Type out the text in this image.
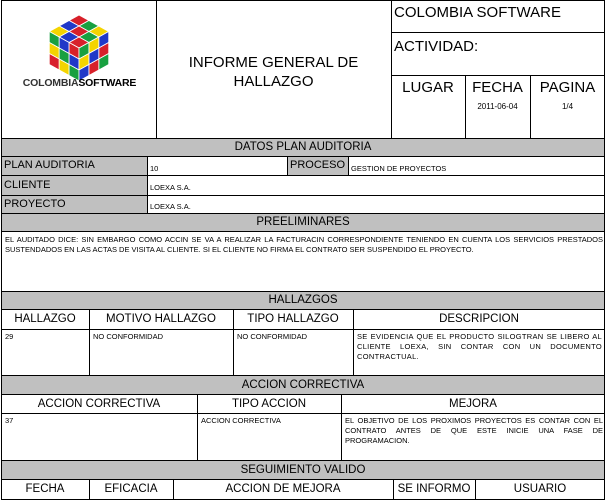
COLOMBIASOFTWARE
INFORME GENERAL DE
HALLAZGO
COLOMBIA SOFTWARE
ACTIVIDAD:
LUGAR	FECHA
2011-06-04
PAGINA
1/4
DATOS PLAN AUDITORIA
PLAN AUDITORIA	10	PROCESO GESTION DE PROYECTOS
CLIENTE	LOEXA S.A.
PROYECTO	LOEXA S.A.
PREELIMINARES
EL AUDITADO DICE: SIN EMBARGO COMO ACCIN SE VA A REALIZAR LA FACTURACIN CORRESPONDIENTE TENIENDO EN CUENTA LOS SERVICIOS PRESTADOS SUSTENDADOS EN LAS ACTAS DE VISITA AL CLIENTE. SI EL CLIENTE NO FIRMA EL CONTRATO SER SUSPENDIDO EL PROYECTO.
HALLAZGOS
HALLAZGO	MOTIVO HALLAZGO	TIPO HALLAZGO	DESCRIPCION
29	NO CONFORMIDAD	NO CONFORMIDAD	SE EVIDENCIA QUE EL PRODUCTO SILOGTRAN SE LIBERO AL CLIENTE LOEXA, SIN CONTAR CON UN DOCUMENTO CONTRACTUAL.
ACCION CORRECTIVA
ACCION CORRECTIVA	TIPO ACCION	MEJORA
37	ACCION CORRECTIVA	EL OBJETIVO DE LOS PROXIMOS PROYECTOS ES CONTAR CON EL CONTRATO ANTES DE QUE ESTE INICIE UNA FASE DE PROGRAMACION.
SEGUIMIENTO VALIDO
FECHA	EFICACIA	ACCION DE MEJORA	SE INFORMO	USUARIO
